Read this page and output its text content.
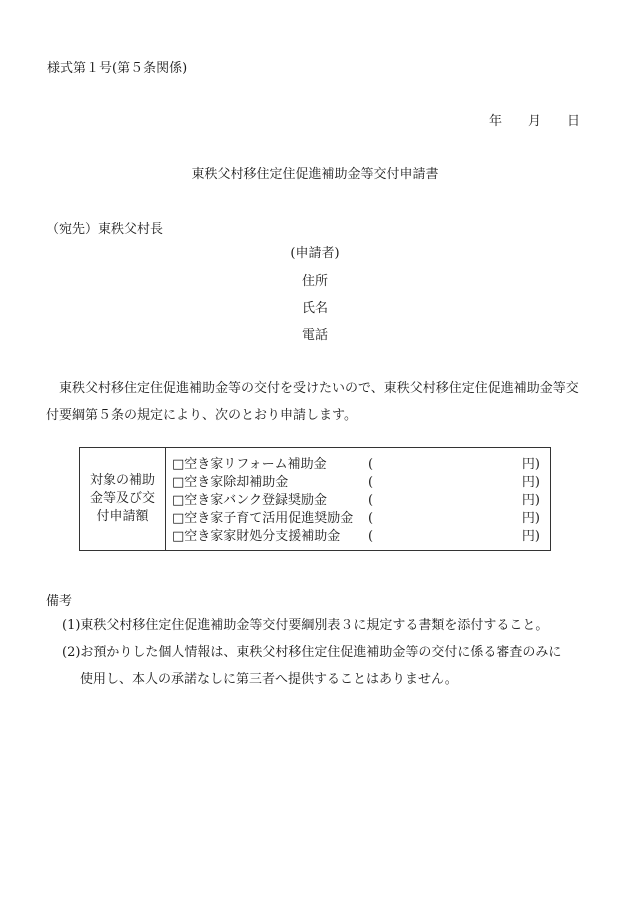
様式第１号(第５条関係)
年 月 日
東秩父村移住定住促進補助金等交付申請書
（宛先）東秩父村長
(申請者)
住所
氏名
電話
東秩父村移住定住促進補助金等の交付を受けたいので、東秩父村移住定住促進補助金等交付要綱第５条の規定により、次のとおり申請します。
対象の補助金等及び交付申請額
□空き家リフォーム補助金	(	円)
□空き家除却補助金	(	円)
□空き家バンク登録奨励金	(	円)
□空き家子育て活用促進奨励金 (	円)
□空き家家財処分支援補助金 (	円)
備考
(1)東秩父村移住定住促進補助金等交付要綱別表３に規定する書類を添付すること。
(2)お預かりした個人情報は、東秩父村移住定住促進補助金等の交付に係る審査のみに
使用し、本人の承諾なしに第三者へ提供することはありません。
